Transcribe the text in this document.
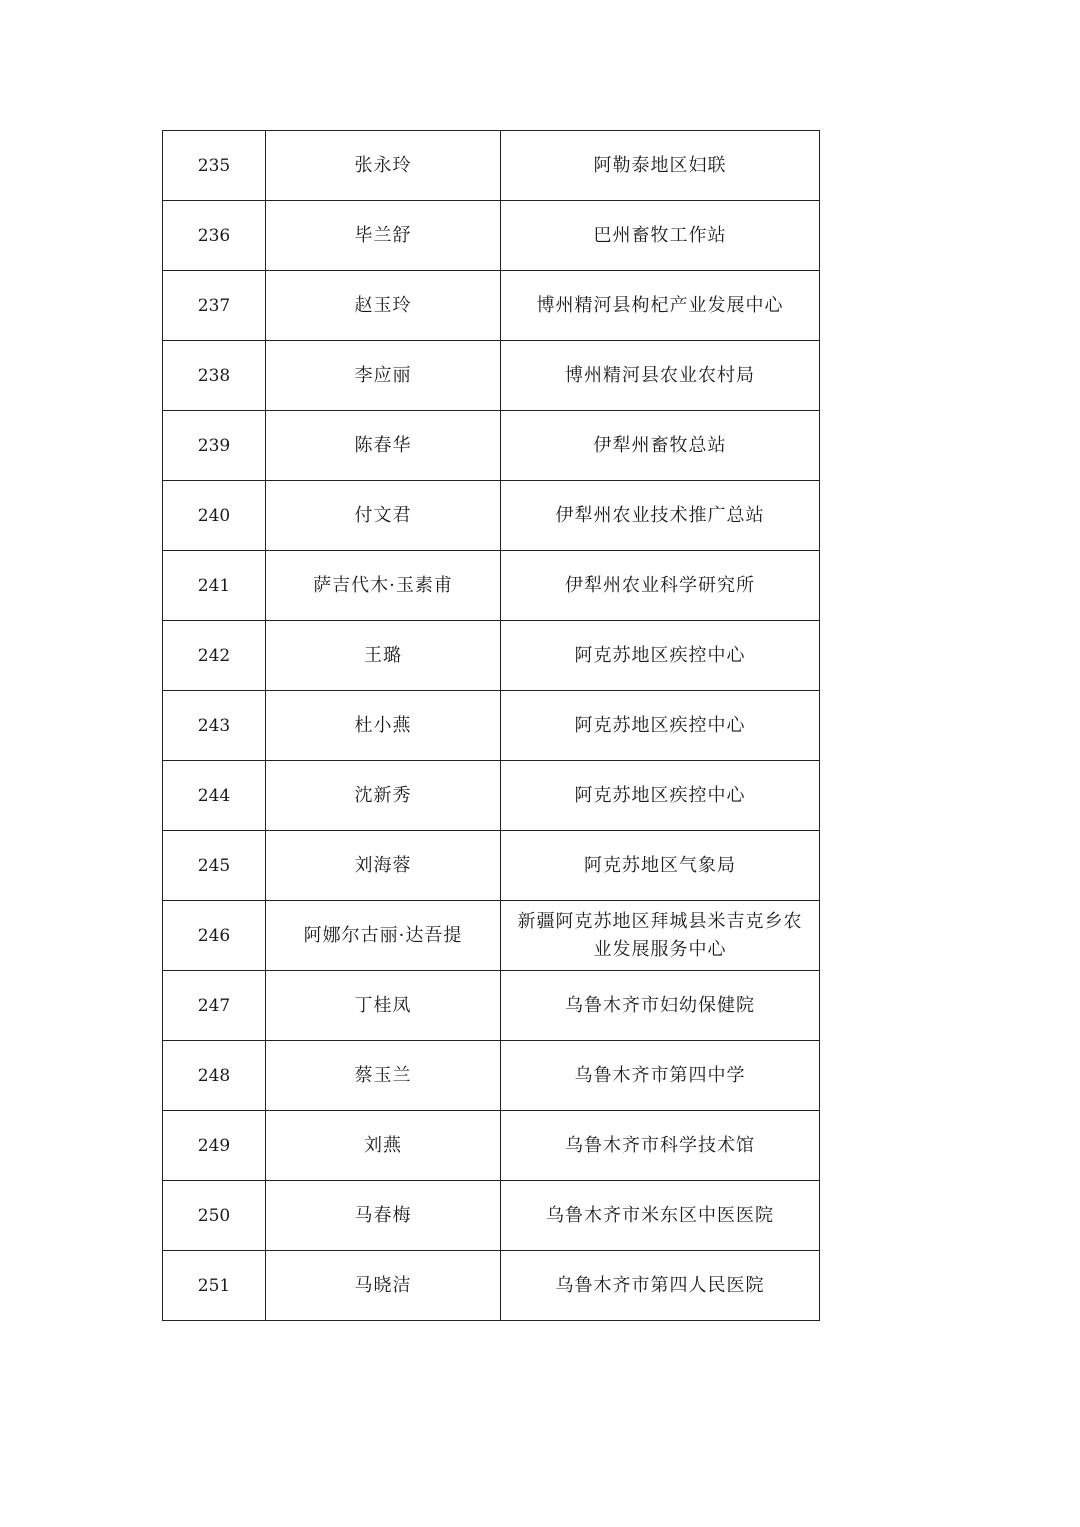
235	张永玲	阿勒泰地区妇联
236	毕兰舒	巴州畜牧工作站
237	赵玉玲	博州精河县枸杞产业发展中心
238	李应丽	博州精河县农业农村局
239	陈春华	伊犁州畜牧总站
240	付文君	伊犁州农业技术推广总站
241	萨吉代木·玉素甫	伊犁州农业科学研究所
242	王璐	阿克苏地区疾控中心
243	杜小燕	阿克苏地区疾控中心
244	沈新秀	阿克苏地区疾控中心
245	刘海蓉	阿克苏地区气象局
246	阿娜尔古丽·达吾提	新疆阿克苏地区拜城县米吉克乡农业发展服务中心
247	丁桂凤	乌鲁木齐市妇幼保健院
248	蔡玉兰	乌鲁木齐市第四中学
249	刘燕	乌鲁木齐市科学技术馆
250	马春梅	乌鲁木齐市米东区中医医院
251	马晓洁	乌鲁木齐市第四人民医院
